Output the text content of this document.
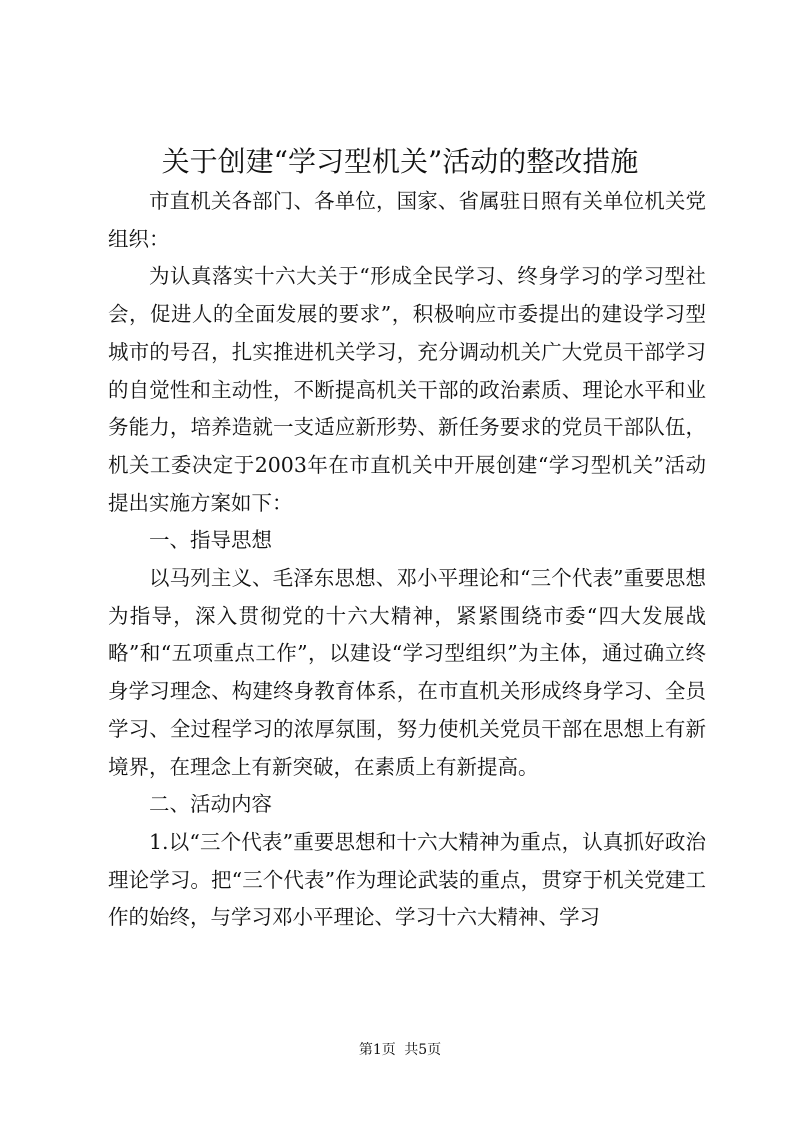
关于创建“学习型机关”活动的整改措施

市直机关各部门、各单位，国家、省属驻日照有关单位机关党组织：

为认真落实十六大关于“形成全民学习、终身学习的学习型社会，促进人的全面发展的要求”，积极响应市委提出的建设学习型城市的号召，扎实推进机关学习，充分调动机关广大党员干部学习的自觉性和主动性，不断提高机关干部的政治素质、理论水平和业务能力，培养造就一支适应新形势、新任务要求的党员干部队伍，机关工委决定于2003年在市直机关中开展创建“学习型机关”活动提出实施方案如下：

一、指导思想

以马列主义、毛泽东思想、邓小平理论和“三个代表”重要思想为指导，深入贯彻党的十六大精神，紧紧围绕市委“四大发展战略”和“五项重点工作”，以建设“学习型组织”为主体，通过确立终身学习理念、构建终身教育体系，在市直机关形成终身学习、全员学习、全过程学习的浓厚氛围，努力使机关党员干部在思想上有新境界，在理念上有新突破，在素质上有新提高。

二、活动内容

1.以“三个代表”重要思想和十六大精神为重点，认真抓好政治理论学习。把“三个代表”作为理论武装的重点，贯穿于机关党建工作的始终，与学习邓小平理论、学习十六大精神、学习

第1页 共5页
